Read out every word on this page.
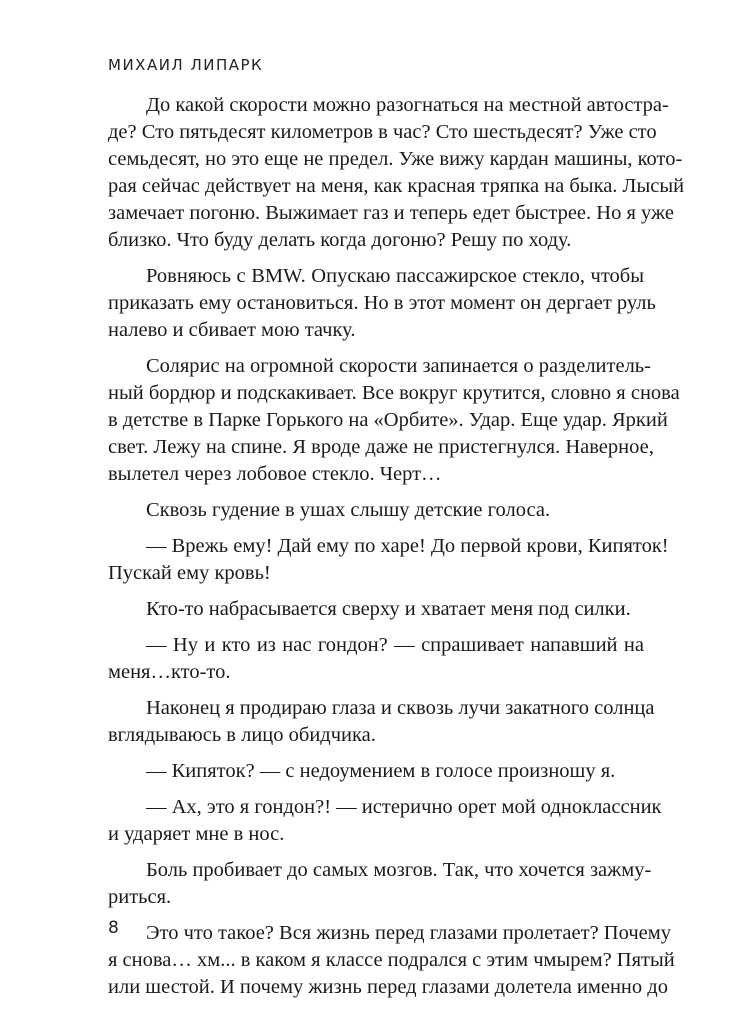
МИХАИЛ ЛИПАРК
До какой скорости можно разогнаться на местной автостра-
де? Сто пятьдесят километров в час? Сто шестьдесят? Уже сто
семьдесят, но это еще не предел. Уже вижу кардан машины, кото-
рая сейчас действует на меня, как красная тряпка на быка. Лысый
замечает погоню. Выжимает газ и теперь едет быстрее. Но я уже
близко. Что буду делать когда догоню? Решу по ходу.
Ровняюсь с BMW. Опускаю пассажирское стекло, чтобы
приказать ему остановиться. Но в этот момент он дергает руль
налево и сбивает мою тачку.
Солярис на огромной скорости запинается о разделитель-
ный бордюр и подскакивает. Все вокруг крутится, словно я снова
в детстве в Парке Горького на «Орбите». Удар. Еще удар. Яркий
свет. Лежу на спине. Я вроде даже не пристегнулся. Наверное,
вылетел через лобовое стекло. Черт…
Сквозь гудение в ушах слышу детские голоса.
— Врежь ему! Дай ему по харе! До первой крови, Кипяток!
Пускай ему кровь!
Кто-то набрасывается сверху и хватает меня под силки.
— Ну и кто из нас гондон? — спрашивает напавший на
меня…кто-то.
Наконец я продираю глаза и сквозь лучи закатного солнца
вглядываюсь в лицо обидчика.
— Кипяток? — с недоумением в голосе произношу я.
— Ах, это я гондон?! — истерично орет мой одноклассник
и ударяет мне в нос.
Боль пробивает до самых мозгов. Так, что хочется зажму-
риться.
Это что такое? Вся жизнь перед глазами пролетает? Почему
я снова… хм... в каком я классе подрался с этим чмырем? Пятый
или шестой. И почему жизнь перед глазами долетела именно до
8
